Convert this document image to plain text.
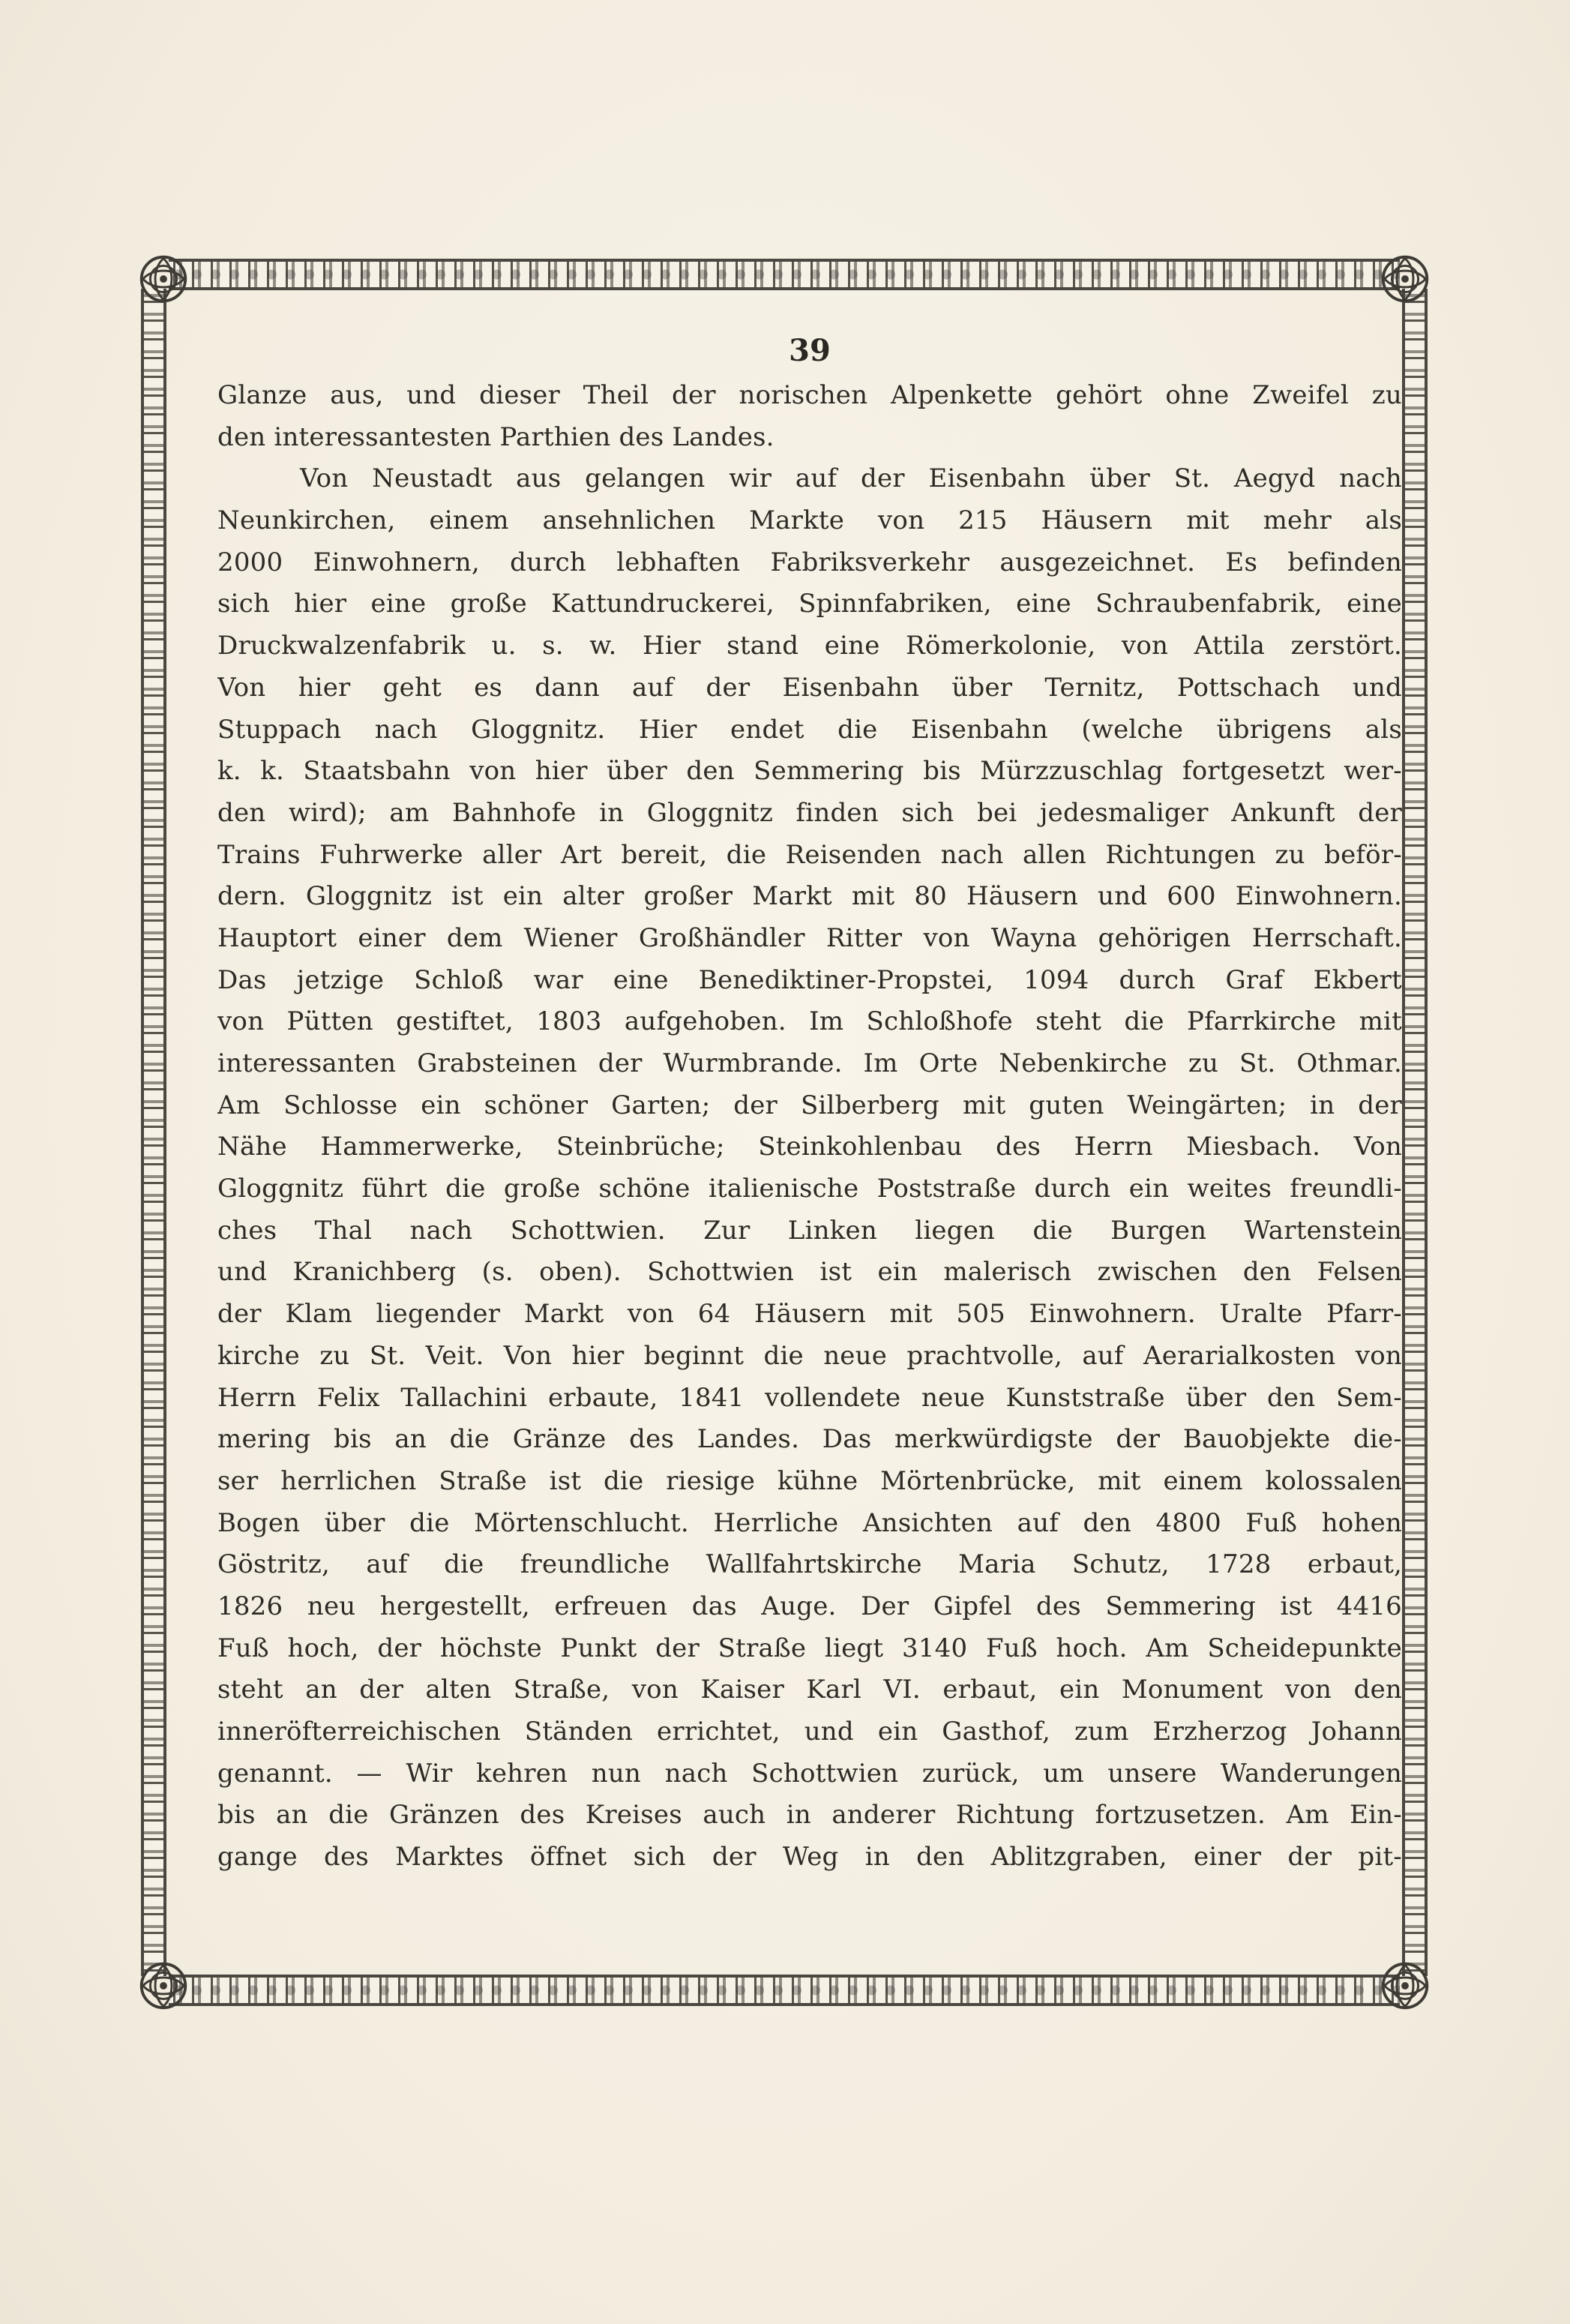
39
Glanze aus, und dieser Theil der norischen Alpenkette gehört ohne Zweifel zu
den interessantesten Parthien des Landes.
Von Neustadt aus gelangen wir auf der Eisenbahn über St. Aegyd nach
Neunkirchen, einem ansehnlichen Markte von 215 Häusern mit mehr als
2000 Einwohnern, durch lebhaften Fabriksverkehr ausgezeichnet. Es befinden
sich hier eine große Kattundruckerei, Spinnfabriken, eine Schraubenfabrik, eine
Druckwalzenfabrik u. s. w. Hier stand eine Römerkolonie, von Attila zerstört.
Von hier geht es dann auf der Eisenbahn über Ternitz, Pottschach und
Stuppach nach Gloggnitz. Hier endet die Eisenbahn (welche übrigens als
k. k. Staatsbahn von hier über den Semmering bis Mürzzuschlag fortgesetzt wer-
den wird); am Bahnhofe in Gloggnitz finden sich bei jedesmaliger Ankunft der
Trains Fuhrwerke aller Art bereit, die Reisenden nach allen Richtungen zu beför-
dern. Gloggnitz ist ein alter großer Markt mit 80 Häusern und 600 Einwohnern.
Hauptort einer dem Wiener Großhändler Ritter von Wayna gehörigen Herrschaft.
Das jetzige Schloß war eine Benediktiner-Propstei, 1094 durch Graf Ekbert
von Pütten gestiftet, 1803 aufgehoben. Im Schloßhofe steht die Pfarrkirche mit
interessanten Grabsteinen der Wurmbrande. Im Orte Nebenkirche zu St. Othmar.
Am Schlosse ein schöner Garten; der Silberberg mit guten Weingärten; in der
Nähe Hammerwerke, Steinbrüche; Steinkohlenbau des Herrn Miesbach. Von
Gloggnitz führt die große schöne italienische Poststraße durch ein weites freundli-
ches Thal nach Schottwien. Zur Linken liegen die Burgen Wartenstein
und Kranichberg (s. oben). Schottwien ist ein malerisch zwischen den Felsen
der Klam liegender Markt von 64 Häusern mit 505 Einwohnern. Uralte Pfarr-
kirche zu St. Veit. Von hier beginnt die neue prachtvolle, auf Aerarialkosten von
Herrn Felix Tallachini erbaute, 1841 vollendete neue Kunststraße über den Sem-
mering bis an die Gränze des Landes. Das merkwürdigste der Bauobjekte die-
ser herrlichen Straße ist die riesige kühne Mörtenbrücke, mit einem kolossalen
Bogen über die Mörtenschlucht. Herrliche Ansichten auf den 4800 Fuß hohen
Göstritz, auf die freundliche Wallfahrtskirche Maria Schutz, 1728 erbaut,
1826 neu hergestellt, erfreuen das Auge. Der Gipfel des Semmering ist 4416
Fuß hoch, der höchste Punkt der Straße liegt 3140 Fuß hoch. Am Scheidepunkte
steht an der alten Straße, von Kaiser Karl VI. erbaut, ein Monument von den
inneröfterreichischen Ständen errichtet, und ein Gasthof, zum Erzherzog Johann
genannt. — Wir kehren nun nach Schottwien zurück, um unsere Wanderungen
bis an die Gränzen des Kreises auch in anderer Richtung fortzusetzen. Am Ein-
gange des Marktes öffnet sich der Weg in den Ablitzgraben, einer der pit-
